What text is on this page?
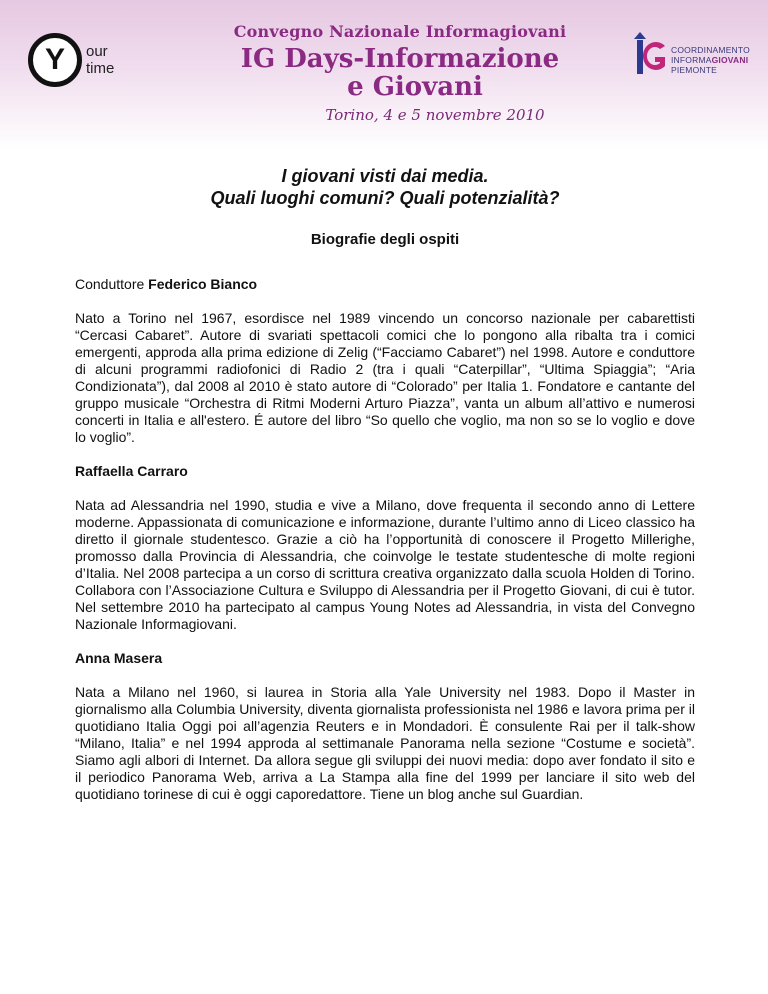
Y	our
time
Convegno Nazionale Informagiovani
IG Days-Informazione
e Giovani
Torino, 4 e 5 novembre 2010
COORDINAMENTO
INFORMAGIOVANI
PIEMONTE
I giovani visti dai media.
Quali luoghi comuni? Quali potenzialità?
Biografie degli ospiti
Conduttore Federico Bianco

Nato a Torino nel 1967, esordisce nel 1989 vincendo un concorso nazionale per cabarettisti “Cercasi Cabaret”. Autore di svariati spettacoli comici che lo pongono alla ribalta tra i comici emergenti, approda alla prima edizione di Zelig (“Facciamo Cabaret”) nel 1998. Autore e conduttore di alcuni programmi radiofonici di Radio 2 (tra i quali “Caterpillar”, “Ultima Spiaggia”; “Aria Condizionata”), dal 2008 al 2010 è stato autore di “Colorado” per Italia 1. Fondatore e cantante del gruppo musicale “Orchestra di Ritmi Moderni Arturo Piazza”, vanta un album all’attivo e numerosi concerti in Italia e all'estero. É autore del libro “So quello che voglio, ma non so se lo voglio e dove lo voglio”.

Raffaella Carraro

Nata ad Alessandria nel 1990, studia e vive a Milano, dove frequenta il secondo anno di Lettere moderne. Appassionata di comunicazione e informazione, durante l’ultimo anno di Liceo classico ha diretto il giornale studentesco. Grazie a ciò ha l’opportunità di conoscere il Progetto Millerighe, promosso dalla Provincia di Alessandria, che coinvolge le testate studentesche di molte regioni d’Italia. Nel 2008 partecipa a un corso di scrittura creativa organizzato dalla scuola Holden di Torino. Collabora con l’Associazione Cultura e Sviluppo di Alessandria per il Progetto Giovani, di cui è tutor. Nel settembre 2010 ha partecipato al campus Young Notes ad Alessandria, in vista del Convegno Nazionale Informagiovani.

Anna Masera

Nata a Milano nel 1960, si laurea in Storia alla Yale University nel 1983. Dopo il Master in giornalismo alla Columbia University, diventa giornalista professionista nel 1986 e lavora prima per il quotidiano Italia Oggi poi all’agenzia Reuters e in Mondadori. È consulente Rai per il talk-show “Milano, Italia” e nel 1994 approda al settimanale Panorama nella sezione “Costume e società”. Siamo agli albori di Internet. Da allora segue gli sviluppi dei nuovi media: dopo aver fondato il sito e il periodico Panorama Web, arriva a La Stampa alla fine del 1999 per lanciare il sito web del quotidiano torinese di cui è oggi caporedattore. Tiene un blog anche sul Guardian.
